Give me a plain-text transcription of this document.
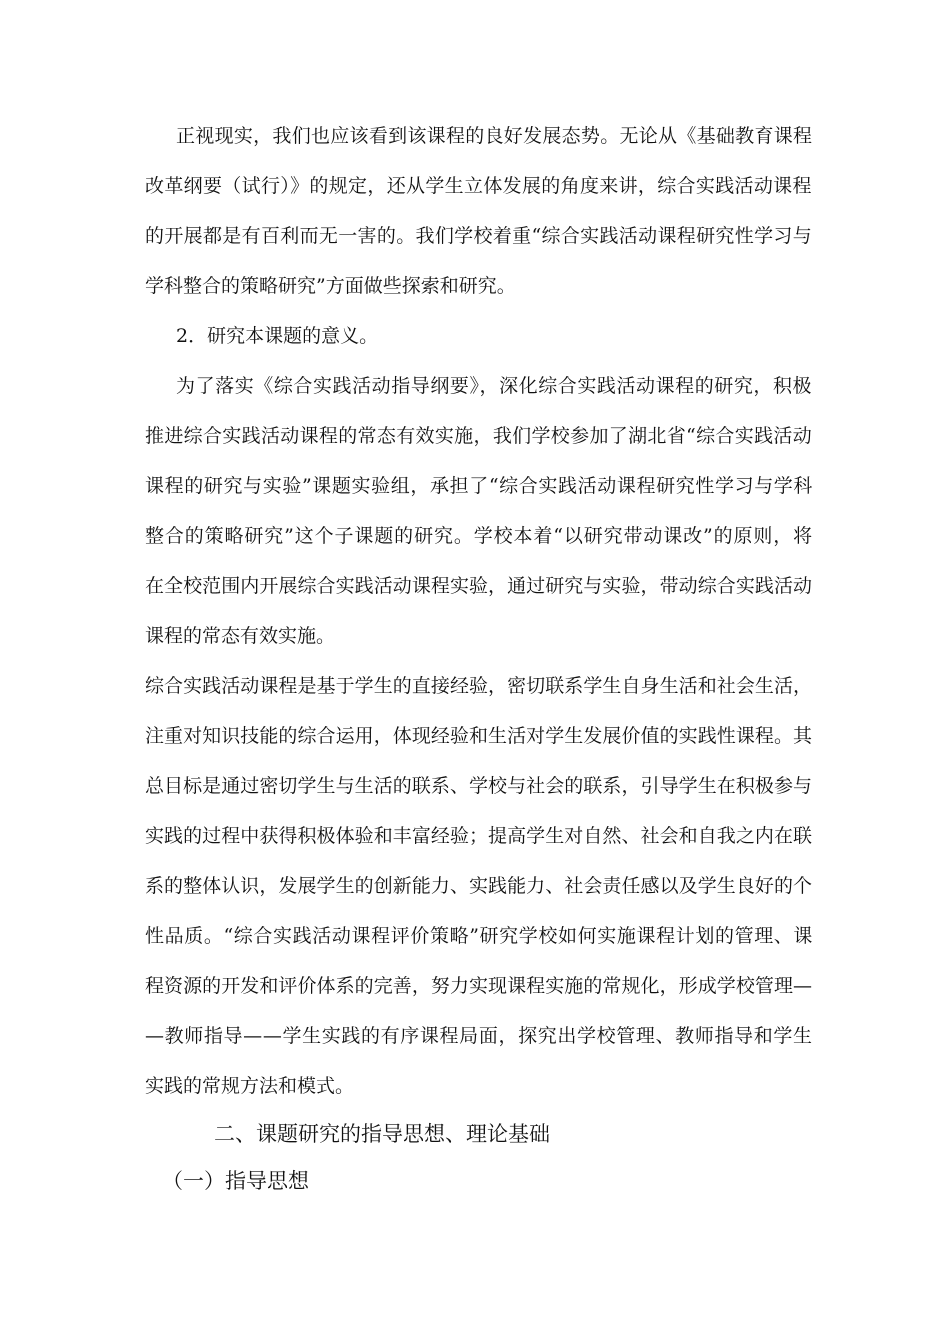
正视现实，我们也应该看到该课程的良好发展态势。无论从《基础教育课程
改革纲要（试行）》的规定，还从学生立体发展的角度来讲，综合实践活动课程
的开展都是有百利而无一害的。我们学校着重“综合实践活动课程研究性学习与
学科整合的策略研究”方面做些探索和研究。
2．研究本课题的意义。
为了落实《综合实践活动指导纲要》，深化综合实践活动课程的研究，积极
推进综合实践活动课程的常态有效实施，我们学校参加了湖北省“综合实践活动
课程的研究与实验”课题实验组，承担了“综合实践活动课程研究性学习与学科
整合的策略研究”这个子课题的研究。学校本着“以研究带动课改”的原则，将
在全校范围内开展综合实践活动课程实验，通过研究与实验，带动综合实践活动
课程的常态有效实施。
综合实践活动课程是基于学生的直接经验，密切联系学生自身生活和社会生活，
注重对知识技能的综合运用，体现经验和生活对学生发展价值的实践性课程。其
总目标是通过密切学生与生活的联系、学校与社会的联系，引导学生在积极参与
实践的过程中获得积极体验和丰富经验；提高学生对自然、社会和自我之内在联
系的整体认识，发展学生的创新能力、实践能力、社会责任感以及学生良好的个
性品质。“综合实践活动课程评价策略”研究学校如何实施课程计划的管理、课
程资源的开发和评价体系的完善，努力实现课程实施的常规化，形成学校管理—
—教师指导——学生实践的有序课程局面，探究出学校管理、教师指导和学生
实践的常规方法和模式。
二、课题研究的指导思想、理论基础
（一）指导思想
